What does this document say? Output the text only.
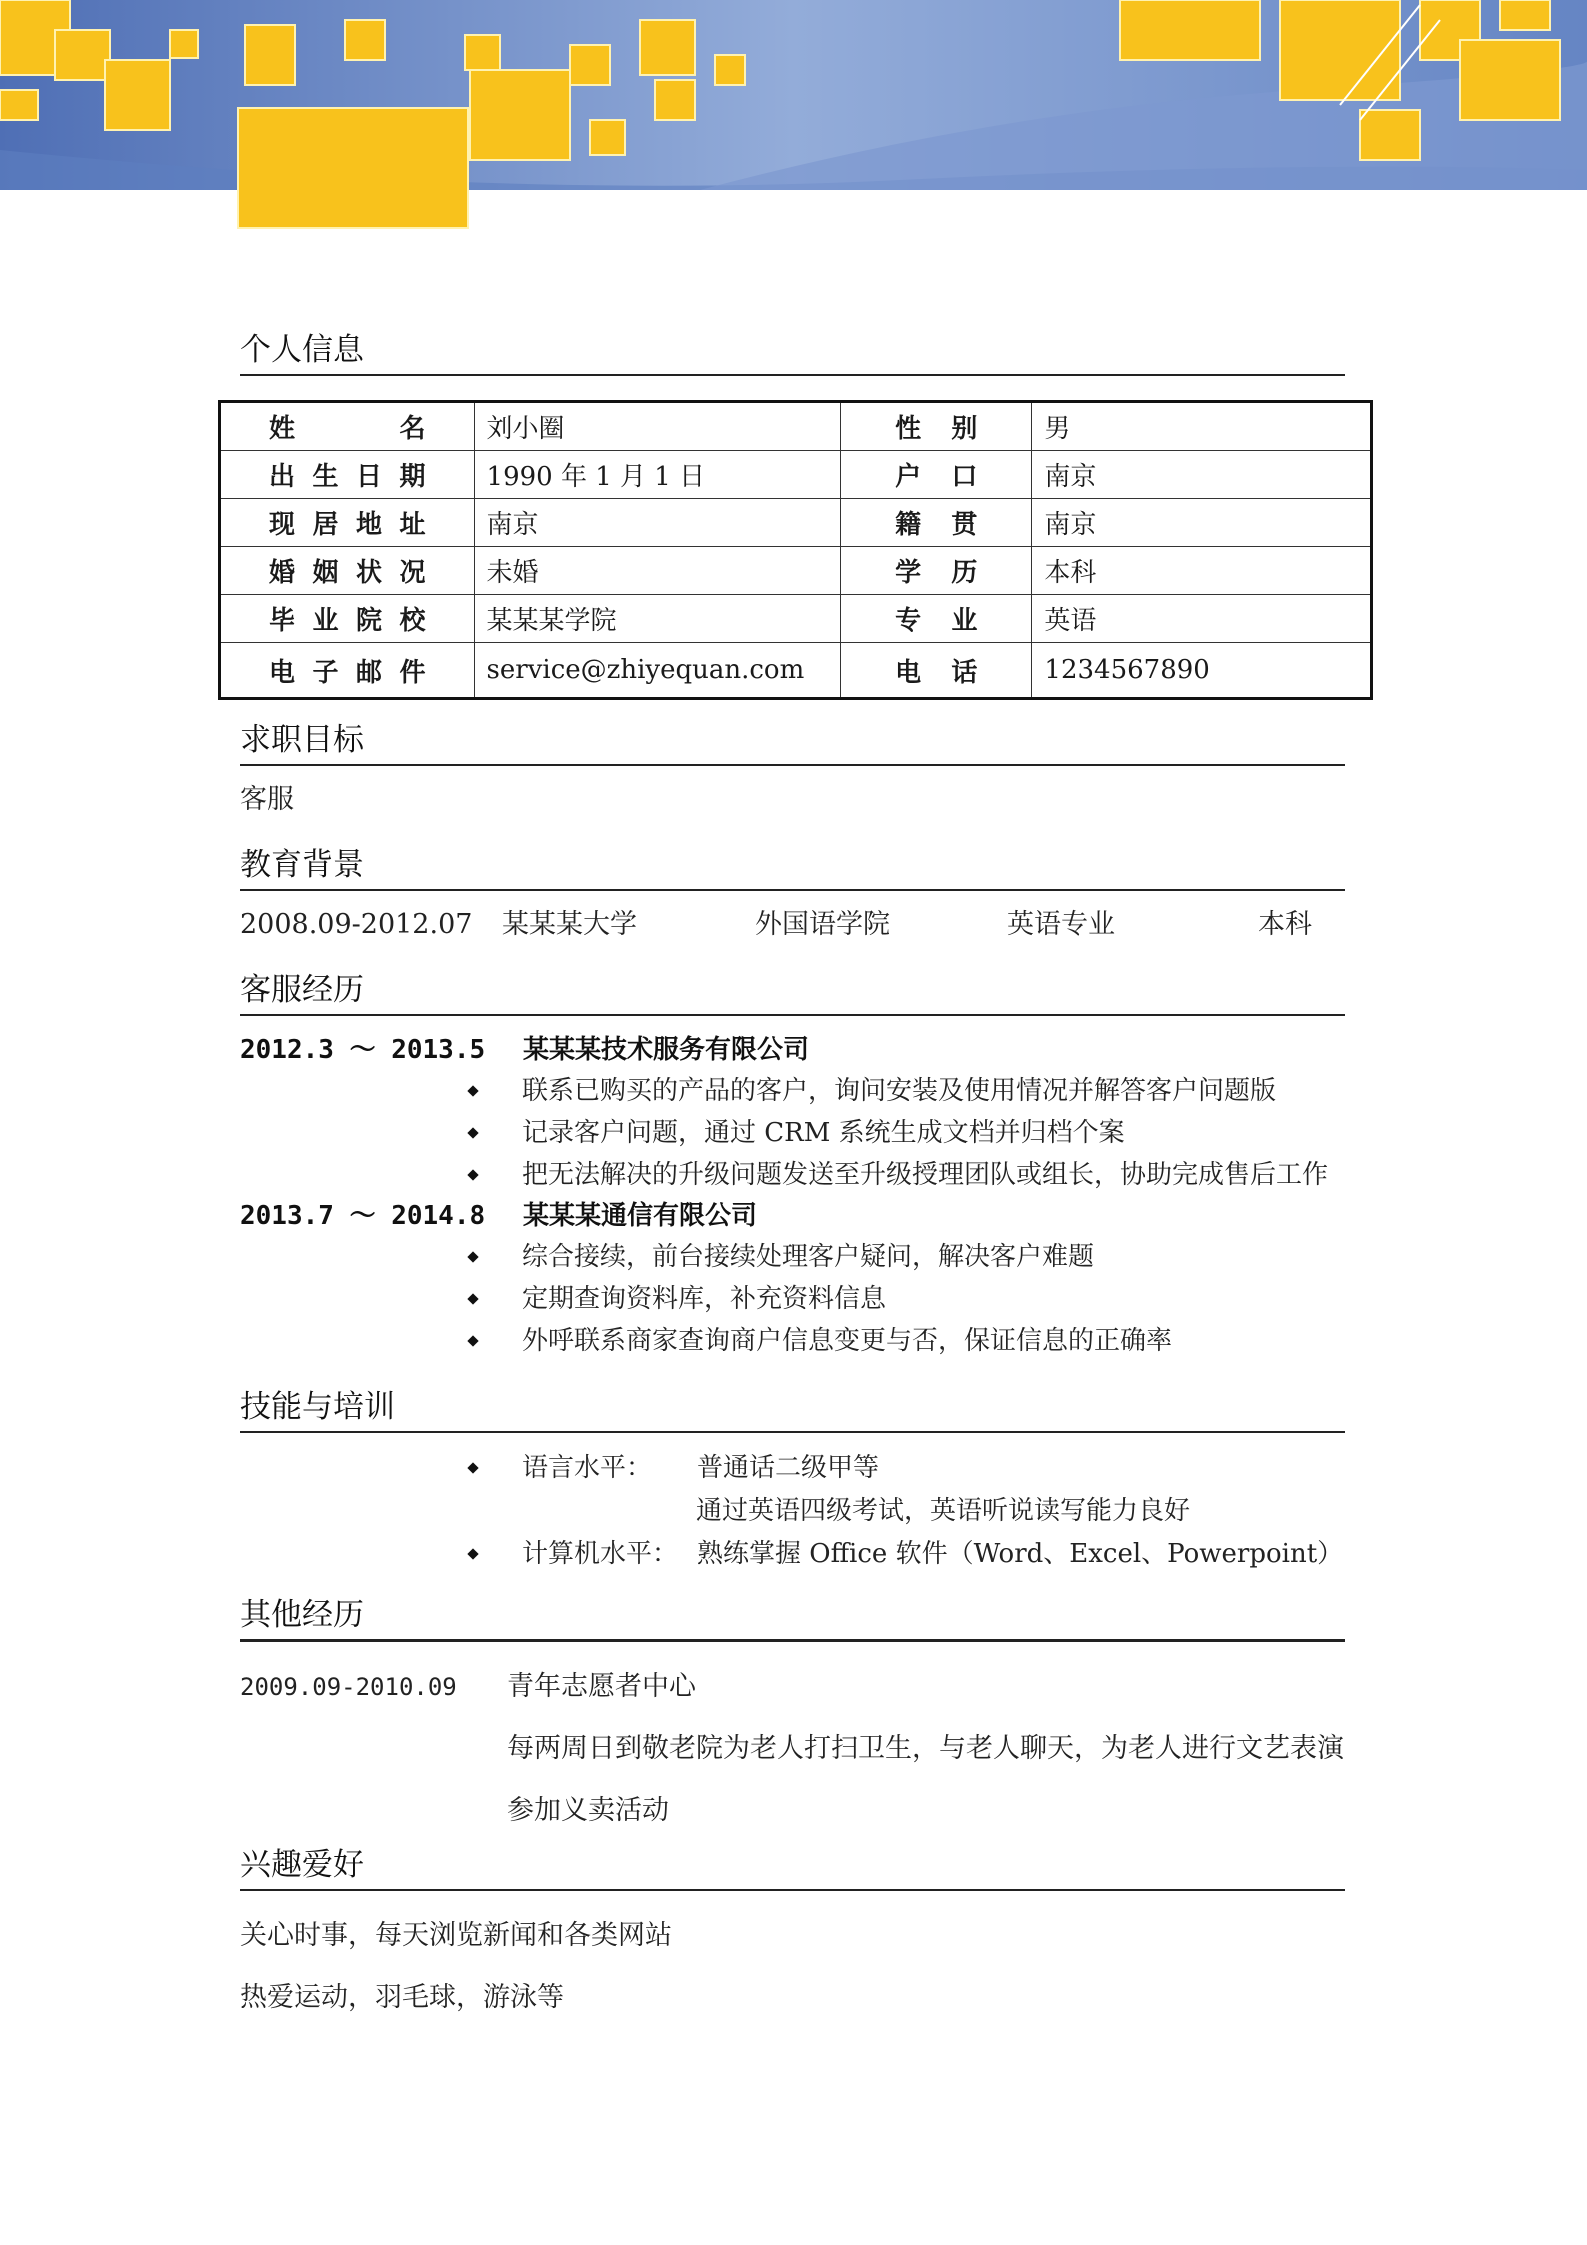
个人信息
姓名	刘小圈	性别	男
出生日期	1990 年 1 月 1 日	户口	南京
现居地址	南京	籍贯	南京
婚姻状况	未婚	学历	本科
毕业院校	某某某学院	专业	英语
电子邮件	service@zhiyequan.com	电话	1234567890
求职目标
客服
教育背景
2008.09-2012.07	某某某大学	外国语学院	英语专业	本科
客服经历
2012.3 ～ 2013.5	某某某技术服务有限公司
联系已购买的产品的客户，询问安装及使用情况并解答客户问题版
记录客户问题，通过 CRM 系统生成文档并归档个案
把无法解决的升级问题发送至升级授理团队或组长，协助完成售后工作
2013.7 ～ 2014.8	某某某通信有限公司
综合接续，前台接续处理客户疑问，解决客户难题
定期查询资料库，补充资料信息
外呼联系商家查询商户信息变更与否，保证信息的正确率
技能与培训
语言水平：	普通话二级甲等
通过英语四级考试，英语听说读写能力良好
计算机水平： 熟练掌握 Office 软件（Word、Excel、Powerpoint）
其他经历
2009.09-2010.09	青年志愿者中心
每两周日到敬老院为老人打扫卫生，与老人聊天，为老人进行文艺表演
参加义卖活动
兴趣爱好
关心时事，每天浏览新闻和各类网站
热爱运动，羽毛球，游泳等
